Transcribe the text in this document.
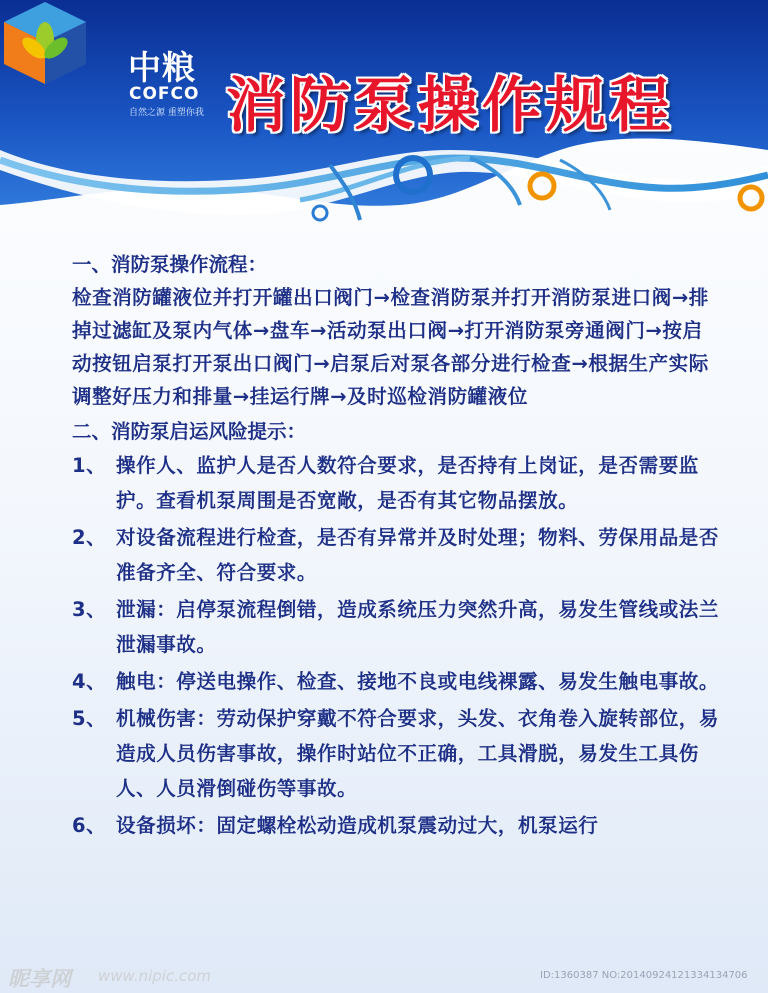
中粮
COFCO
自然之源 重塑你我 消防泵操作规程
一、消防泵操作流程：
检查消防罐液位并打开罐出口阀门→检查消防泵并打开消防泵进口阀→排掉过滤缸及泵内气体→盘车→活动泵出口阀→打开消防泵旁通阀门→按启动按钮启泵打开泵出口阀门→启泵后对泵各部分进行检查→根据生产实际调整好压力和排量→挂运行牌→及时巡检消防罐液位
二、消防泵启运风险提示：
1、 操作人、监护人是否人数符合要求，是否持有上岗证，是否需要监护。查看机泵周围是否宽敞，是否有其它物品摆放。
2、 对设备流程进行检查，是否有异常并及时处理；物料、劳保用品是否准备齐全、符合要求。
3、 泄漏：启停泵流程倒错，造成系统压力突然升高，易发生管线或法兰泄漏事故。
4、 触电：停送电操作、检查、接地不良或电线裸露、易发生触电事故。
5、 机械伤害：劳动保护穿戴不符合要求，头发、衣角卷入旋转部位，易造成人员伤害事故，操作时站位不正确，工具滑脱，易发生工具伤人、人员滑倒碰伤等事故。
6、 设备损坏：固定螺栓松动造成机泵震动过大，机泵运行
昵享网 www.nipic.com	ID:1360387 NO:20140924121334134706
